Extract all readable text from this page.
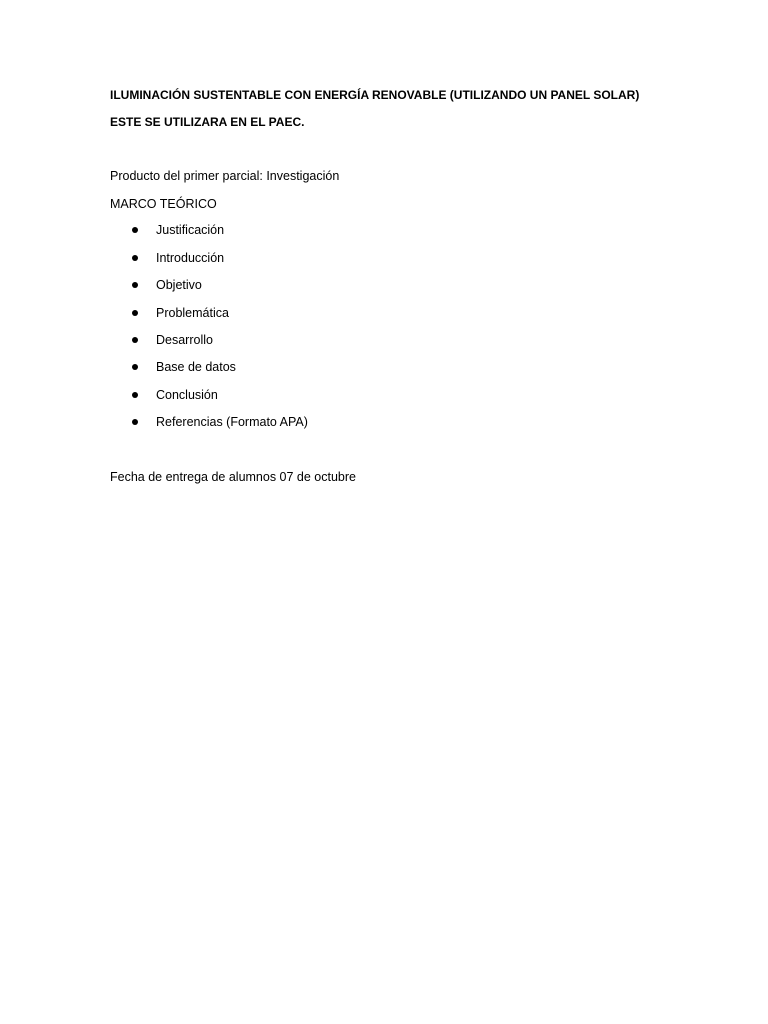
ILUMINACIÓN SUSTENTABLE CON ENERGÍA RENOVABLE (UTILIZANDO UN PANEL SOLAR)
ESTE SE UTILIZARA EN EL PAEC.
Producto del primer parcial: Investigación
MARCO TEÓRICO
Justificación
Introducción
Objetivo
Problemática
Desarrollo
Base de datos
Conclusión
Referencias (Formato APA)
Fecha de entrega de alumnos 07 de octubre
